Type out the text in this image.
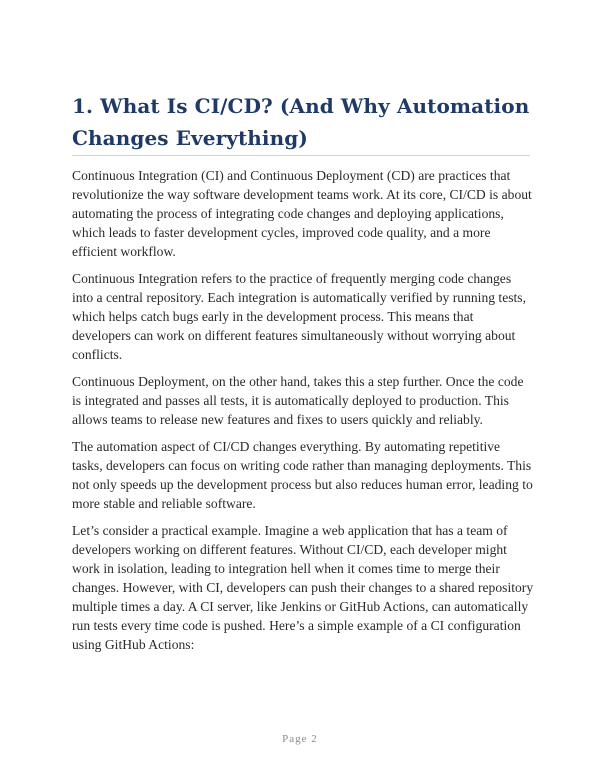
1. What Is CI/CD? (And Why Automation Changes Everything)

Continuous Integration (CI) and Continuous Deployment (CD) are practices that revolutionize the way software development teams work. At its core, CI/CD is about automating the process of integrating code changes and deploying applications, which leads to faster development cycles, improved code quality, and a more efficient workflow.

Continuous Integration refers to the practice of frequently merging code changes into a central repository. Each integration is automatically verified by running tests, which helps catch bugs early in the development process. This means that developers can work on different features simultaneously without worrying about conflicts.

Continuous Deployment, on the other hand, takes this a step further. Once the code is integrated and passes all tests, it is automatically deployed to production. This allows teams to release new features and fixes to users quickly and reliably.

The automation aspect of CI/CD changes everything. By automating repetitive tasks, developers can focus on writing code rather than managing deployments. This not only speeds up the development process but also reduces human error, leading to more stable and reliable software.

Let’s consider a practical example. Imagine a web application that has a team of developers working on different features. Without CI/CD, each developer might work in isolation, leading to integration hell when it comes time to merge their changes. However, with CI, developers can push their changes to a shared repository multiple times a day. A CI server, like Jenkins or GitHub Actions, can automatically run tests every time code is pushed. Here’s a simple example of a CI configuration using GitHub Actions:

Page 2
